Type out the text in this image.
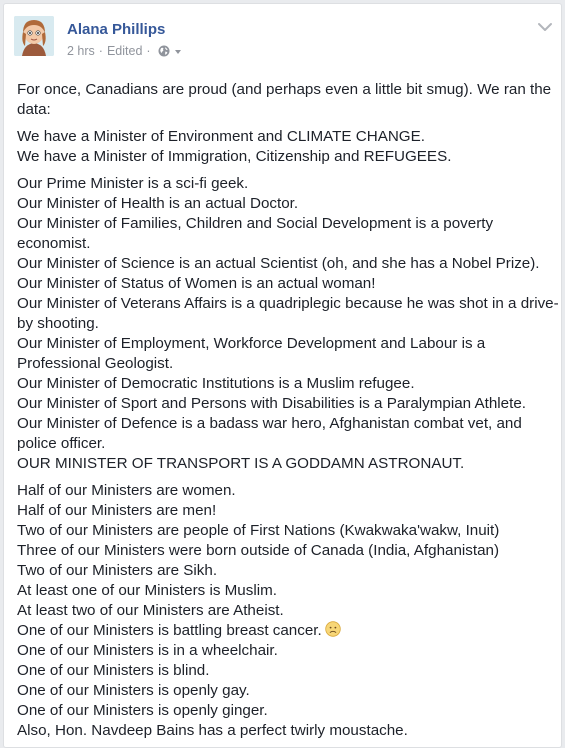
Alana Phillips
2 hrs · Edited ·

For once, Canadians are proud (and perhaps even a little bit smug). We ran the data:

We have a Minister of Environment and CLIMATE CHANGE.
We have a Minister of Immigration, Citizenship and REFUGEES.

Our Prime Minister is a sci-fi geek.
Our Minister of Health is an actual Doctor.
Our Minister of Families, Children and Social Development is a poverty economist.
Our Minister of Science is an actual Scientist (oh, and she has a Nobel Prize).
Our Minister of Status of Women is an actual woman!
Our Minister of Veterans Affairs is a quadriplegic because he was shot in a drive-by shooting.
Our Minister of Employment, Workforce Development and Labour is a Professional Geologist.
Our Minister of Democratic Institutions is a Muslim refugee.
Our Minister of Sport and Persons with Disabilities is a Paralympian Athlete.
Our Minister of Defence is a badass war hero, Afghanistan combat vet, and police officer.
OUR MINISTER OF TRANSPORT IS A GODDAMN ASTRONAUT.

Half of our Ministers are women.
Half of our Ministers are men!
Two of our Ministers are people of First Nations (Kwakwaka'wakw, Inuit)
Three of our Ministers were born outside of Canada (India, Afghanistan)
Two of our Ministers are Sikh.
At least one of our Ministers is Muslim.
At least two of our Ministers are Atheist.
One of our Ministers is battling breast cancer.
One of our Ministers is in a wheelchair.
One of our Ministers is blind.
One of our Ministers is openly gay.
One of our Ministers is openly ginger.
Also, Hon. Navdeep Bains has a perfect twirly moustache.
